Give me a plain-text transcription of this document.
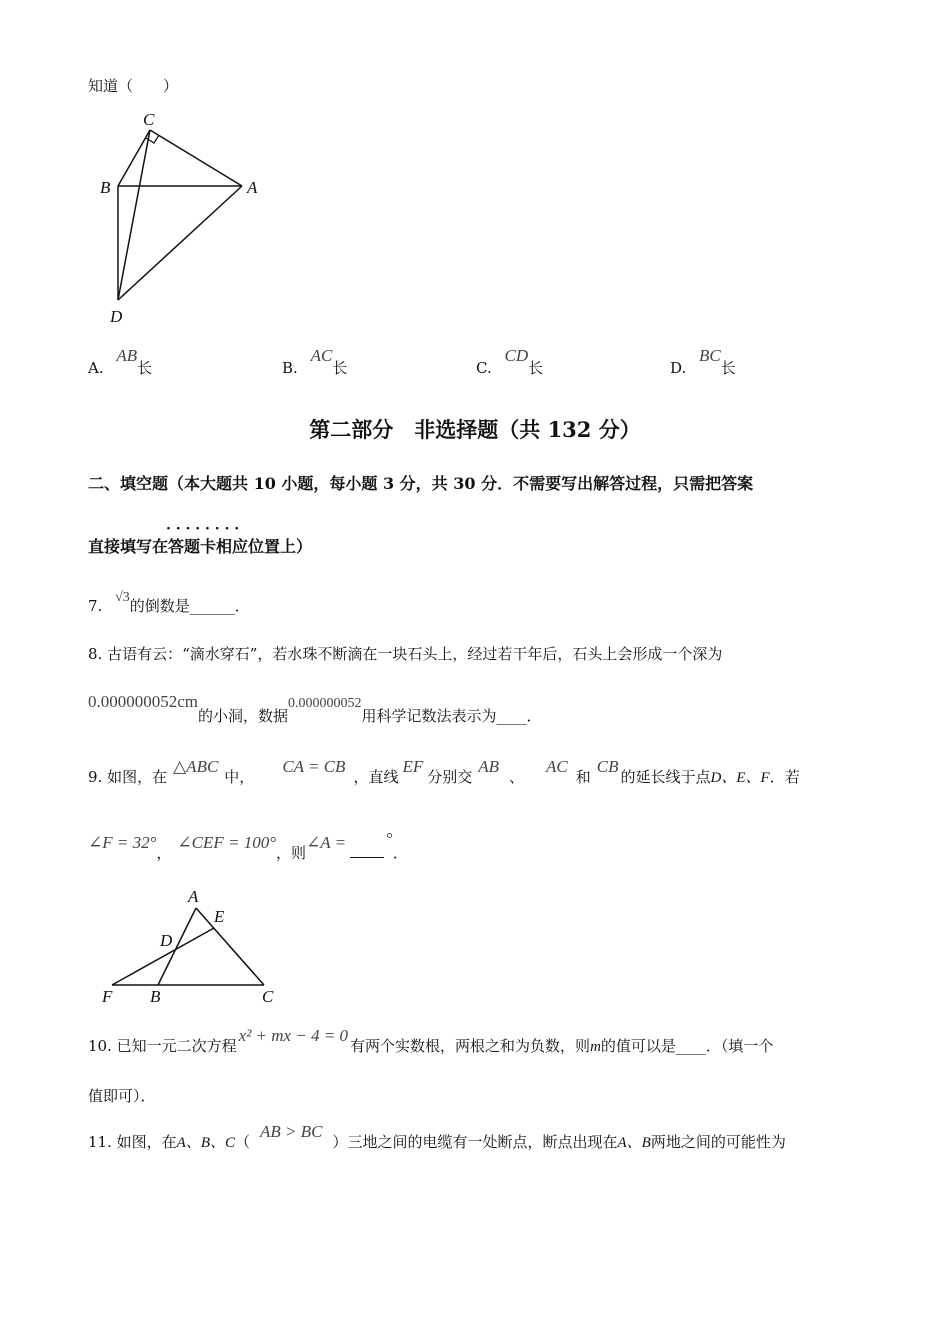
知道（　　）
C
B	A
D
A. AB长	B. AC长	C. CD长	D. BC长
第二部分　非选择题（共 132 分）
二、填空题（本大题共 10 小题，每小题 3 分，共 30 分．不需要写出解答过程，只需把答案
直接填写在· · · 答题卡相应位置上）
7. √3的倒数是______．
8. 古语有云：“滴水穿石”，若水珠不断滴在一块石头上，经过若干年后，石头上会形成一个深为
0.000000052cm的小洞，数据0.000000052用科学记数法表示为____．
9. 如图，在△ABC中，CA = CB，直线EF分别交AB、AC和CB的延长线于点D、E、F．若
∠F = 32°，∠CEF = 100°，则∠A = °．
A
E
D
F B	C
10. 已知一元二次方程x² + mx − 4 = 0有两个实数根，两根之和为负数，则m的值可以是____．（填一个
值即可）．
11. 如图，在A、B、C（AB > BC）三地之间的电缆有一处断点，断点出现在A、B两地之间的可能性为
